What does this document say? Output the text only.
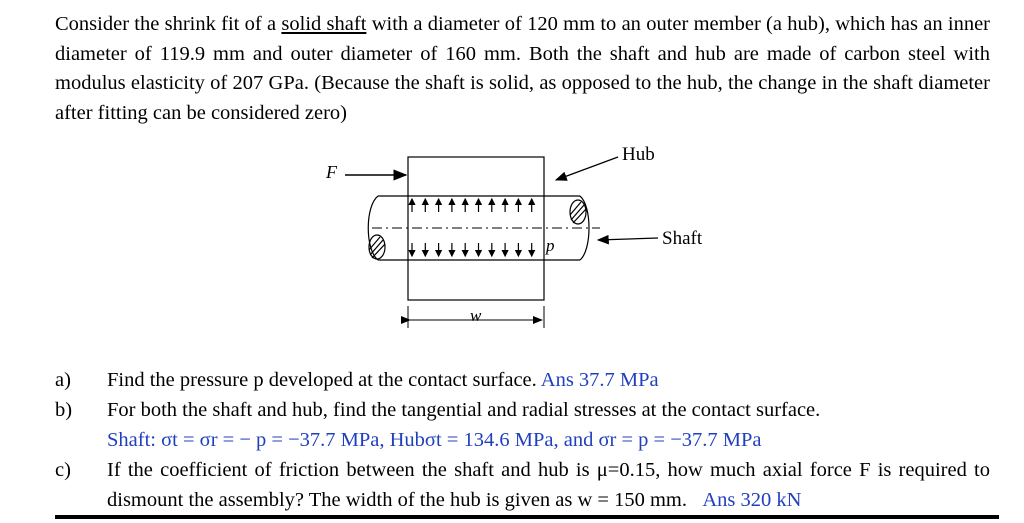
Consider the shrink fit of a solid shaft with a diameter of 120 mm to an outer member (a hub), which has an inner diameter of 119.9 mm and outer diameter of 160 mm. Both the shaft and hub are made of carbon steel with modulus elasticity of 207 GPa. (Because the shaft is solid, as opposed to the hub, the change in the shaft diameter after fitting can be considered zero)
F
Hub
Shaft
p
w
a) Find the pressure p developed at the contact surface. Ans 37.7 MPa
b) For both the shaft and hub, find the tangential and radial stresses at the contact surface.
Shaft: σt = σr = − p = −37.7 MPa, Hubσt = 134.6 MPa, and σr = p = −37.7 MPa
c) If the coefficient of friction between the shaft and hub is μ=0.15, how much axial force F is required to dismount the assembly? The width of the hub is given as w = 150 mm. Ans 320 kN
